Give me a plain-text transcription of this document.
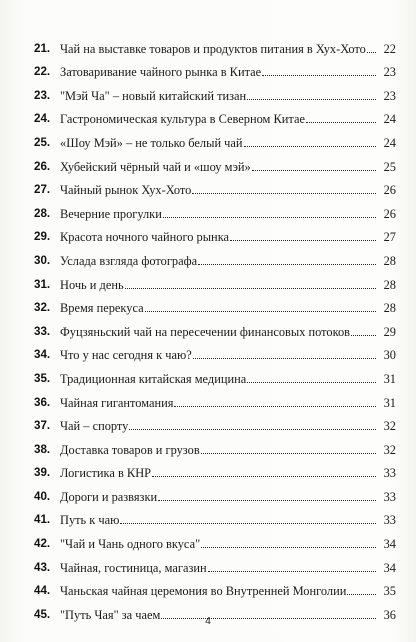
21. Чай на выставке товаров и продуктов питания в Хух-Хото	22
22. Затоваривание чайного рынка в Китае	23
23. "Мэй Ча" – новый китайский тизан	23
24. Гастрономическая культура в Северном Китае	24
25. «Шоу Мэй» – не только белый чай	24
26. Хубейский чёрный чай и «шоу мэй»	25
27. Чайный рынок Хух-Хото	26
28. Вечерние прогулки	26
29. Красота ночного чайного рынка	27
30. Услада взгляда фотографа	28
31. Ночь и день	28
32. Время перекуса	28
33. Фуцзяньский чай на пересечении финансовых потоков	29
34. Что у нас сегодня к чаю?	30
35. Традиционная китайская медицина	31
36. Чайная гигантомания	31
37. Чай – спорту	32
38. Доставка товаров и грузов	32
39. Логистика в КНР	33
40. Дороги и развязки	33
41. Путь к чаю	33
42. "Чай и Чань одного вкуса"	34
43. Чайная, гостиница, магазин	34
44. Чаньская чайная церемония во Внутренней Монголии	35
45. "Путь Чая" за чаем	36
4
